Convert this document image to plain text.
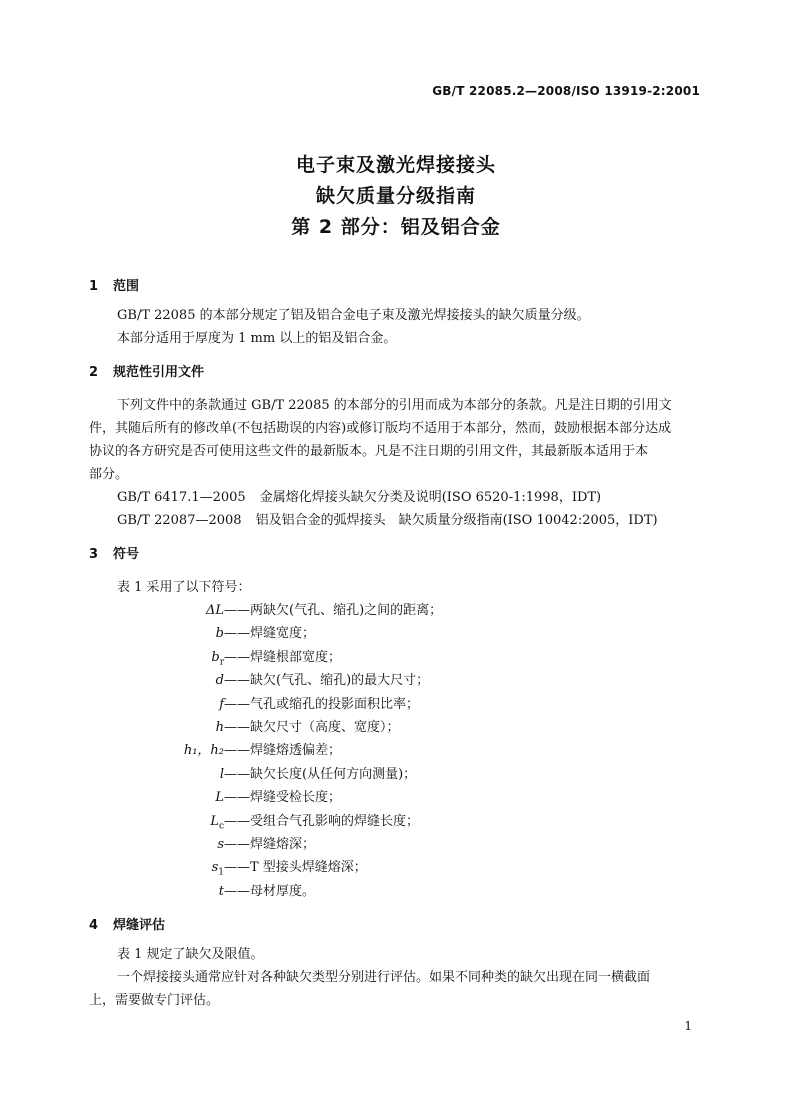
GB/T 22085.2—2008/ISO 13919-2:2001
电子束及激光焊接接头
缺欠质量分级指南
第 2 部分：铝及铝合金
1 范围

GB/T 22085 的本部分规定了铝及铝合金电子束及激光焊接接头的缺欠质量分级。

本部分适用于厚度为 1 mm 以上的铝及铝合金。

2 规范性引用文件

下列文件中的条款通过 GB/T 22085 的本部分的引用而成为本部分的条款。凡是注日期的引用文

件，其随后所有的修改单(不包括勘误的内容)或修订版均不适用于本部分，然而，鼓励根据本部分达成

协议的各方研究是否可使用这些文件的最新版本。凡是不注日期的引用文件，其最新版本适用于本

部分。

GB/T 6417.1—2005 金属熔化焊接头缺欠分类及说明(ISO 6520-1:1998，IDT)
GB/T 22087—2008 铝及铝合金的弧焊接头　缺欠质量分级指南(ISO 10042:2005，IDT)
3 符号
表 1 采用了以下符号：
ΔL ——两缺欠(气孔、缩孔)之间的距离；
b ——焊缝宽度；
$b_r$ ——焊缝根部宽度；
d ——缺欠(气孔、缩孔)的最大尺寸；
f ——气孔或缩孔的投影面积比率；
h ——缺欠尺寸（高度、宽度）；
h₁，h₂ ——焊缝熔透偏差；
l ——缺欠长度(从任何方向测量)；
L ——焊缝受检长度；
$L_c$ ——受组合气孔影响的焊缝长度；
s ——焊缝熔深；
$s_1$ ——T 型接头焊缝熔深；
t ——母材厚度。
4 焊缝评估

表 1 规定了缺欠及限值。

一个焊接接头通常应针对各种缺欠类型分别进行评估。如果不同种类的缺欠出现在同一横截面

上，需要做专门评估。

1
